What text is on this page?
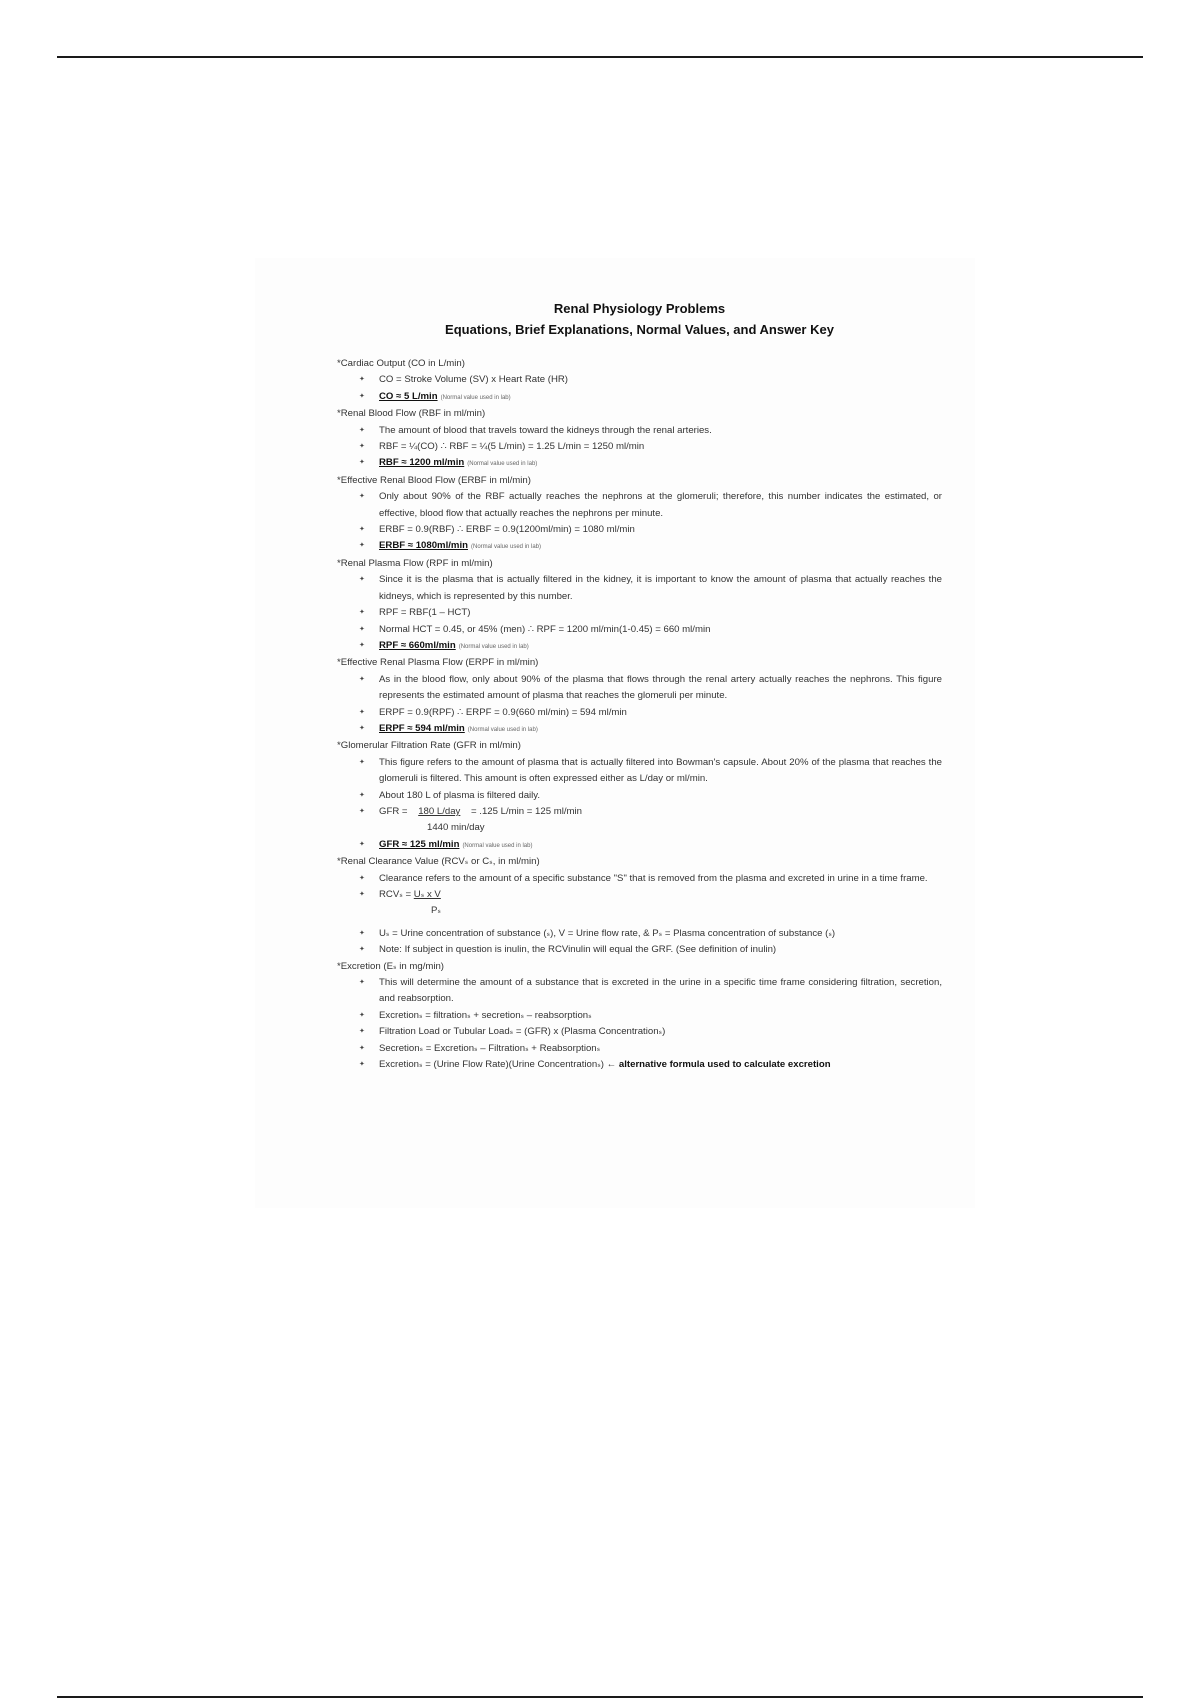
Renal Physiology Problems
Equations, Brief Explanations, Normal Values, and Answer Key
*Cardiac Output (CO in L/min)
✦ CO = Stroke Volume (SV) x Heart Rate (HR)
✦ CO ≈ 5 L/min (Normal value used in lab)
*Renal Blood Flow (RBF in ml/min)
✦ The amount of blood that travels toward the kidneys through the renal arteries.
✦ RBF = ¼(CO) ∴ RBF = ¼(5 L/min) = 1.25 L/min = 1250 ml/min
✦ RBF ≈ 1200 ml/min (Normal value used in lab)
*Effective Renal Blood Flow (ERBF in ml/min)
✦ Only about 90% of the RBF actually reaches the nephrons at the glomeruli; therefore, this number indicates the estimated, or effective, blood flow that actually reaches the nephrons per minute.
✦ ERBF = 0.9(RBF) ∴ ERBF = 0.9(1200ml/min) = 1080 ml/min
✦ ERBF ≈ 1080ml/min (Normal value used in lab)
*Renal Plasma Flow (RPF in ml/min)
✦ Since it is the plasma that is actually filtered in the kidney, it is important to know the amount of plasma that actually reaches the kidneys, which is represented by this number.
✦ RPF = RBF(1 – HCT)
✦ Normal HCT = 0.45, or 45% (men) ∴ RPF = 1200 ml/min(1-0.45) = 660 ml/min
✦ RPF ≈ 660ml/min (Normal value used in lab)
*Effective Renal Plasma Flow (ERPF in ml/min)
✦ As in the blood flow, only about 90% of the plasma that flows through the renal artery actually reaches the nephrons. This figure represents the estimated amount of plasma that reaches the glomeruli per minute.
✦ ERPF = 0.9(RPF) ∴ ERPF = 0.9(660 ml/min) = 594 ml/min
✦ ERPF ≈ 594 ml/min (Normal value used in lab)
*Glomerular Filtration Rate (GFR in ml/min)
✦ This figure refers to the amount of plasma that is actually filtered into Bowman's capsule. About 20% of the plasma that reaches the glomeruli is filtered. This amount is often expressed either as L/day or ml/min.
✦ About 180 L of plasma is filtered daily.
✦ GFR = 180 L/day = .125 L/min = 125 ml/min
1440 min/day
✦ GFR ≈ 125 ml/min (Normal value used in lab)
*Renal Clearance Value (RCVₛ or Cₛ, in ml/min)
✦ Clearance refers to the amount of a specific substance "S" that is removed from the plasma and excreted in urine in a time frame.
✦ RCVₛ = Uₛ x V
Pₛ
✦ Uₛ = Urine concentration of substance (ₛ), V = Urine flow rate, & Pₛ = Plasma concentration of substance (ₛ)
✦ Note: If subject in question is inulin, the RCVinulin will equal the GRF. (See definition of inulin)
*Excretion (Eₛ in mg/min)
✦ This will determine the amount of a substance that is excreted in the urine in a specific time frame considering filtration, secretion, and reabsorption.
✦ Excretionₛ = filtrationₛ + secretionₛ – reabsorptionₛ
✦ Filtration Load or Tubular Loadₛ = (GFR) x (Plasma Concentrationₛ)
✦ Secretionₛ = Excretionₛ – Filtrationₛ + Reabsorptionₛ
✦ Excretionₛ = (Urine Flow Rate)(Urine Concentrationₛ) ← alternative formula used to calculate excretion
